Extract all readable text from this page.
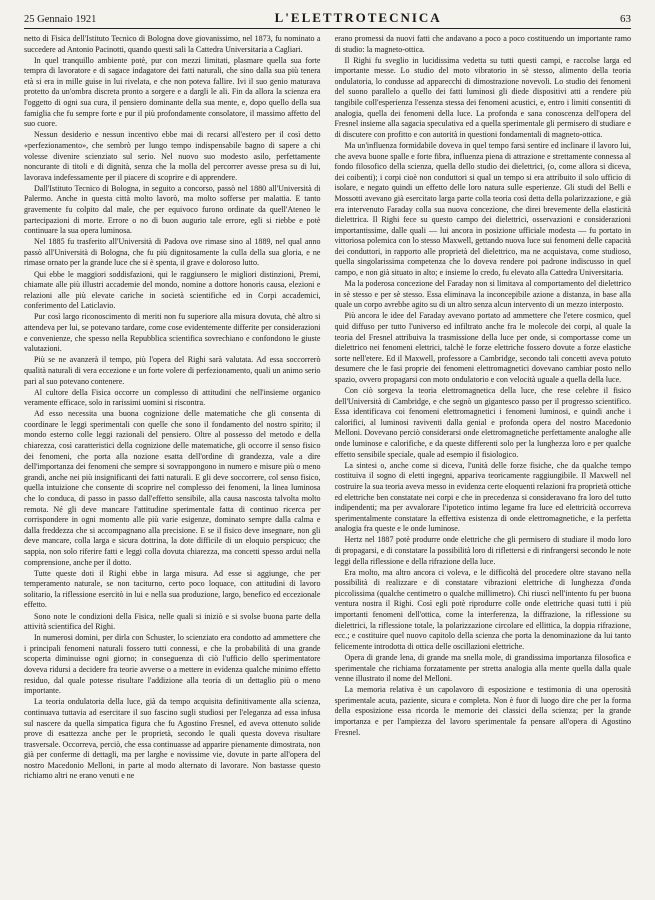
25 Gennaio 1921	L'ELETTROTECNICA	63

netto di Fisica dell'Istituto Tecnico di Bologna dove giovanissimo, nel 1873, fu nominato a succedere ad Antonio Pacinotti, quando questi sali la Cattedra Universitaria a Cagliari.

In quel tranquillo ambiente potè, pur con mezzi limitati, plasmare quella sua forte tempra di lavoratore e di sagace indagatore dei fatti naturali, che sino dalla sua più tenera età si era in mille guise in lui rivelata, e che non poteva fallire. Ivi il suo genio maturava protetto da un'ombra discreta pronto a sorgere e a dargli le ali. Fin da allora la scienza era l'oggetto di ogni sua cura, il pensiero dominante della sua mente, e, dopo quello della sua famiglia che fu sempre forte e pur il più profondamente consolatore, il massimo affetto del suo cuore.

Nessun desiderio e nessun incentivo ebbe mai di recarsi all'estero per il così detto «perfezionamento», che sembrò per lungo tempo indispensabile bagno di sapere a chi volesse divenire scienziato sul serio. Nel nuovo suo modesto asilo, perfettamente noncurante di titoli e di dignità, senza che la molla del percorrer avesse presa su di lui, lavorava indefessamente per il piacere di scoprire e di apprendere.

Dall'Istituto Tecnico di Bologna, in seguito a concorso, passò nel 1880 all'Università di Palermo. Anche in questa città molto lavorò, ma molto sofferse per malattia. E tanto gravemente fu colpito dal male, che per equivoco furono ordinate da quell'Ateneo le partecipazioni di morte. Errore o no di buon augurio tale errore, egli si riebbe e potè continuare la sua opera luminosa.

Nel 1885 fu trasferito all'Università di Padova ove rimase sino al 1889, nel qual anno passò all'Università di Bologna, che fu più dignitosamente la culla della sua gloria, e ne rimase ornato per la grande luce che si è spenta, il grave e doloroso lutto.

Qui ebbe le maggiori soddisfazioni, qui le raggiunsero le migliori distinzioni, Premi, chiamate alle più illustri accademie del mondo, nomine a dottore honoris causa, elezioni e relazioni alle più elevate cariche in società scientifiche ed in Corpi accademici, conferimento del Laticlavio.

Pur così largo riconoscimento di meriti non fu superiore alla misura dovuta, chè altro si attendeva per lui, se potevano tardare, come cose evidentemente differite per considerazioni e convenienze, che spesso nella Repubblica scientifica sovrechiano e confondono le giuste valutazioni.

Più se ne avanzerà il tempo, più l'opera del Righi sarà valutata. Ad essa soccorrerò qualità naturali di vera eccezione e un forte volere di perfezionamento, quali un animo serio pari al suo potevano contenere.

Al cultore della Fisica occorre un complesso di attitudini che nell'insieme organico veramente efficace, solo in rarissimi uomini si riscontra.

Ad esso necessita una buona cognizione delle matematiche che gli consenta di coordinare le leggi sperimentali con quelle che sono il fondamento del nostro spirito; il mondo esterno colle leggi razionali del pensiero. Oltre al possesso del metodo e della chiarezza, così caratteristici della cognizione delle matematiche, gli occorre il senso fisico dei fenomeni, che porta alla nozione esatta dell'ordine di grandezza, vale a dire dell'importanza dei fenomeni che sempre si sovrappongono in numero e misure più o meno grandi, anche nei più insignificanti dei fatti naturali. E gli deve soccorrere, col senso fisico, quella intuizione che consente di scoprire nel complesso dei fenomeni, la linea luminosa che lo conduca, di passo in passo dall'effetto sensibile, alla causa nascosta talvolta molto remota. Né gli deve mancare l'attitudine sperimentale fatta di continuo ricerca per corrispondere in ogni momento alle più varie esigenze, dominato sempre dalla calma e dalla freddezza che si accompagnano alla precisione. E se il fisico deve insegnare, non gli deve mancare, colla larga e sicura dottrina, la dote difficile di un eloquio perspicuo; che sappia, non solo riferire fatti e leggi colla dovuta chiarezza, ma concetti spesso ardui nella comprensione, anche per il dotto.

Tutte queste doti il Righi ebbe in larga misura. Ad esse si aggiunge, che per temperamento naturale, se non taciturno, certo poco loquace, con attitudini di lavoro solitario, la riflessione esercitò in lui e nella sua produzione, largo, benefico ed eccezionale effetto.

Sono note le condizioni della Fisica, nelle quali si iniziò e si svolse buona parte della attività scientifica del Righi.

In numerosi domini, per dirla con Schuster, lo scienziato era condotto ad ammettere che i principali fenomeni naturali fossero tutti connessi, e che la probabilità di una grande scoperta diminuisse ogni giorno; in conseguenza di ciò l'ufficio dello sperimentatore doveva ridursi a decidere fra teorie avverse o a mettere in evidenza qualche minimo effetto residuo, dal quale potesse risultare l'addizione alla teoria di un dettaglio più o meno importante.

La teoria ondulatoria della luce, già da tempo acquisita definitivamente alla scienza, continuava tuttavia ad esercitare il suo fascino sugli studiosi per l'eleganza ad essa infusa sul nascere da quella simpatica figura che fu Agostino Fresnel, ed aveva ottenuto solide prove di esattezza anche per le proprietà, secondo le quali questa doveva risultare trasversale. Occorreva, perciò, che essa continuasse ad apparire pienamente dimostrata, non già per conferme di dettagli, ma per larghe e novissime vie, dovute in parte all'opera del nostro Macedonio Melloni, in parte al modo alternato di lavorare. Non bastasse questo richiamo altri ne erano venuti e ne

erano promessi da nuovi fatti che andavano a poco a poco costituendo un importante ramo di studio: la magneto-ottica.

Il Righi fu sveglio in lucidissima vedetta su tutti questi campi, e raccolse larga ed importante messe. Lo studio del moto vibratorio in sè stesso, alimento della teoria ondulatoria, lo condusse ad apparecchi di dimostrazione novevoli. Lo studio dei fenomeni del suono parallelo a quello dei fatti luminosi gli diede dispositivi atti a rendere più tangibile coll'esperienza l'essenza stessa dei fenomeni acustici, e, entro i limiti consentiti di analogia, quella dei fenomeni della luce. La profonda e sana conoscenza dell'opera del Fresnel insieme alla sagacia speculativa ed a quella sperimentale gli permisero di studiare e di discutere con profitto e con autorità in questioni fondamentali di magneto-ottica.

Ma un'influenza formidabile doveva in quel tempo farsi sentire ed inclinare il lavoro lui, che aveva buone spalle e forte fibra, influenza piena di attrazione e strettamente connessa al fondo filosofico della scienza, quella dello studio dei dielettrici, (o, come allora si diceva, dei coibenti); i corpi cioè non conduttori si qual un tempo si era attribuito il solo ufficio di isolare, e negato quindi un effetto delle loro natura sulle esperienze. Gli studi del Belli e Mossotti avevano già esercitato larga parte colla teoria così detta della polarizzazione, e già era intervenuto Faraday colla sua nuova concezione, che direi brevemente della elasticità dielettrica. Il Righi fece su questo campo dei dielettrici, osservazioni e considerazioni importantissime, dalle quali — lui ancora in posizione ufficiale modesta — fu portato in vittoriosa polemica con lo stesso Maxwell, gettando nuova luce sui fenomeni delle capacità dei conduttori, in rapporto alle proprietà del dielettrico, ma ne acquistava, come studioso, quella singolarissima competenza che lo doveva rendere poi padrone indiscusso in quel campo, e non già situato in alto; e insieme lo credo, fu elevato alla Cattedra Universitaria.

Ma la poderosa concezione del Faraday non si limitava al comportamento del dielettrico in sè stesso e per sè stesso. Essa eliminava la inconcepibile azione a distanza, in base alla quale un corpo avrebbe agito su di un altro senza alcun intervento di un mezzo interposto.

Più ancora le idee del Faraday avevano portato ad ammettere che l'etere cosmico, quel quid diffuso per tutto l'universo ed infiltrato anche fra le molecole dei corpi, al quale la teoria del Fresnel attribuiva la trasmissione della luce per onde, si comportasse come un dielettrico nei fenomeni elettrici, talchè le forze elettriche fossero dovute a forze elastiche sorte nell'etere. Ed il Maxwell, professore a Cambridge, secondo tali concetti aveva potuto desumere che le fasi proprie dei fenomeni elettromagnetici dovevano cambiar posto nello spazio, ovvero propagarsi con moto ondulatorio e con velocità uguale a quella della luce.

Con ciò sorgeva la teoria elettromagnetica della luce, che rese celebre il fisico dell'Università di Cambridge, e che segnò un gigantesco passo per il progresso scientifico. Essa identificava coi fenomeni elettromagnetici i fenomeni luminosi, e quindi anche i calorifici, al luminosi raviventi dalla genial e profonda opera del nostro Macedonio Melloni. Dovevano perciò considerarsi onde elettromagnetiche perfettamente analoghe alle onde luminose e calorifiche, e da queste differenti solo per la lunghezza loro e per qualche effetto sensibile speciale, quale ad esempio il fisiologico.

La sintesi o, anche come si diceva, l'unità delle forze fisiche, che da qualche tempo costituiva il sogno di eletti ingegni, appariva teoricamente raggiungibile. Il Maxwell nel costruire la sua teoria aveva messo in evidenza certe eloquenti relazioni fra proprietà ottiche ed elettriche ben constatate nei corpi e che in precedenza si consideravano fra loro del tutto indipendenti; ma per avvalorare l'ipotetico intimo legame fra luce ed elettricità occorreva sperimentalmente constatare la effettiva esistenza di onde elettromagnetiche, e la perfetta analogia fra queste e le onde luminose.

Hertz nel 1887 potè produrre onde elettriche che gli permisero di studiare il modo loro di propagarsi, e di constatare la possibilità loro di riflettersi e di rinfrangersi secondo le note leggi della riflessione e della rifrazione della luce.

Era molto, ma altro ancora ci voleva, e le difficoltà del procedere oltre stavano nella possibilità di realizzare e di constatare vibrazioni elettriche di lunghezza d'onda piccolissima (qualche centimetro o qualche millimetro). Chi riuscì nell'intento fu per buona ventura nostra il Righi. Così egli potè riprodurre colle onde elettriche quasi tutti i più importanti fenomeni dell'ottica, come la interferenza, la diffrazione, la riflessione su dielettrici, la riflessione totale, la polarizzazione circolare ed ellittica, la doppia rifrazione, ecc.; e costituire quel nuovo capitolo della scienza che porta la denominazione da lui tanto felicemente introdotta di ottica delle oscillazioni elettriche.

Opera di grande lena, di grande ma snella mole, di grandissima importanza filosofica e sperimentale che richiama forzatamente per stretta analogia alla mente quella dalla quale venne illustrato il nome del Melloni.

La memoria relativa è un capolavoro di esposizione e testimonia di una operosità sperimentale acuta, paziente, sicura e completa. Non è fuor di luogo dire che per la forma della esposizione essa ricorda le memorie dei classici della scienza; per la grande importanza e per l'ampiezza del lavoro sperimentale fa pensare all'opera di Agostino Fresnel.
